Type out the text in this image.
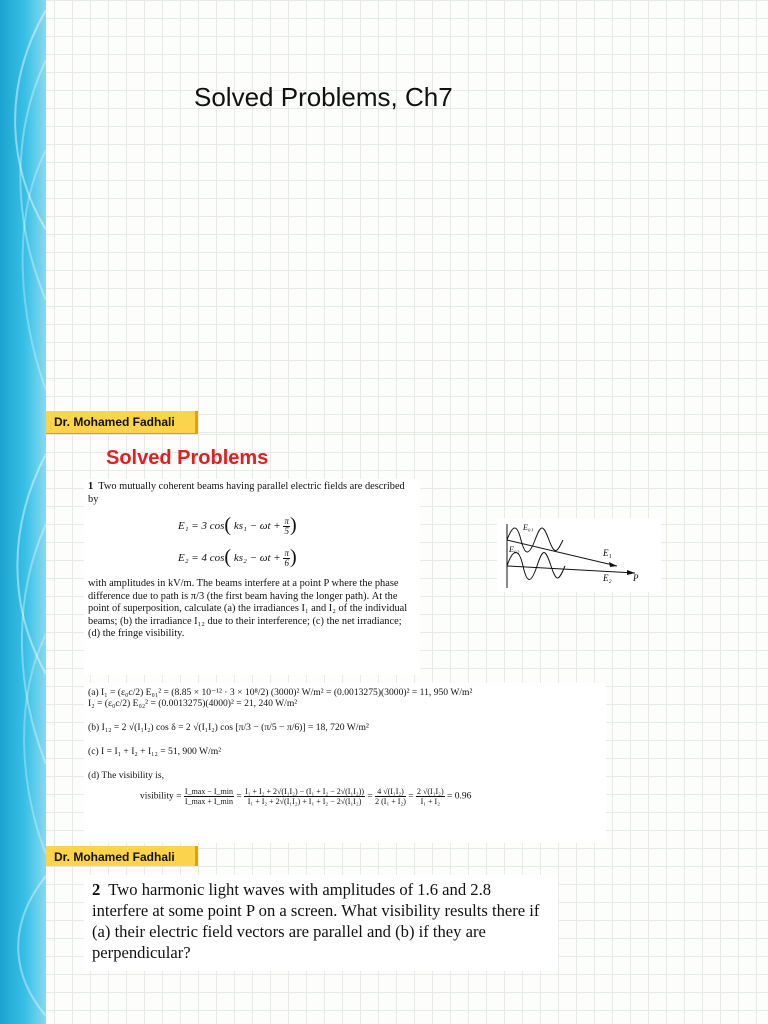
Solved Problems, Ch7
Dr. Mohamed Fadhali
Dr. Mohamed Fadhali
Solved Problems
1 Two mutually coherent beams having parallel electric fields are described by
E₁ = 3 cos( $ks_1 - \omega t + \frac{\pi}{5}$ )
E₂ = 4 cos( $ks_2 - \omega t + \frac{\pi}{6}$ )
with amplitudes in kV/m. The beams interfere at a point P where the phase difference due to path is π/3 (the first beam having the longer path). At the point of superposition, calculate (a) the irradiances I₁ and I₂ of the individual beams; (b) the irradiance I₁₂ due to their interference; (c) the net irradiance; (d) the fringe visibility.
E₀₁
E₀₂	E₁
E₂ P
(a) I₁ = (ε₀c/2) E₀₁² = (8.85 × 10⁻¹² · 3 × 10⁸/2) (3000)² W/m² = (0.0013275)(3000)² = 11, 950 W/m²
I₂ = (ε₀c/2) E₀₂² = (0.0013275)(4000)² = 21, 240 W/m²
(b) I₁₂ = 2 √(I₁I₂) cos δ = 2 √(I₁I₂) cos [π/3 − (π/5 − π/6)] = 18, 720 W/m²
(c) I = I₁ + I₂ + I₁₂ = 51, 900 W/m²
(d) The visibility is,
visibility = $\frac{I\_\max - I\_\min}{I\_\max + I\_\min} = \frac{\text{I₁ + I₂ + 2√(I₁I₂) − (I₁ + I₂ − 2√(I₁I₂))}}{\text{I₁ + I₂ + 2√(I₁I₂) + I₁ + I₂ − 2√(I₁I₂)}} = \frac{\text{4 √(I₁I₂)}}{\text{2 (I₁ + I₂)}} = \frac{\text{2 √(I₁I₂)}}{\text{I₁ + I₂}} = 0.96$
2 Two harmonic light waves with amplitudes of 1.6 and 2.8 interfere at some point P on a screen. What visibility results there if (a) their electric field vectors are parallel and (b) if they are perpendicular?
